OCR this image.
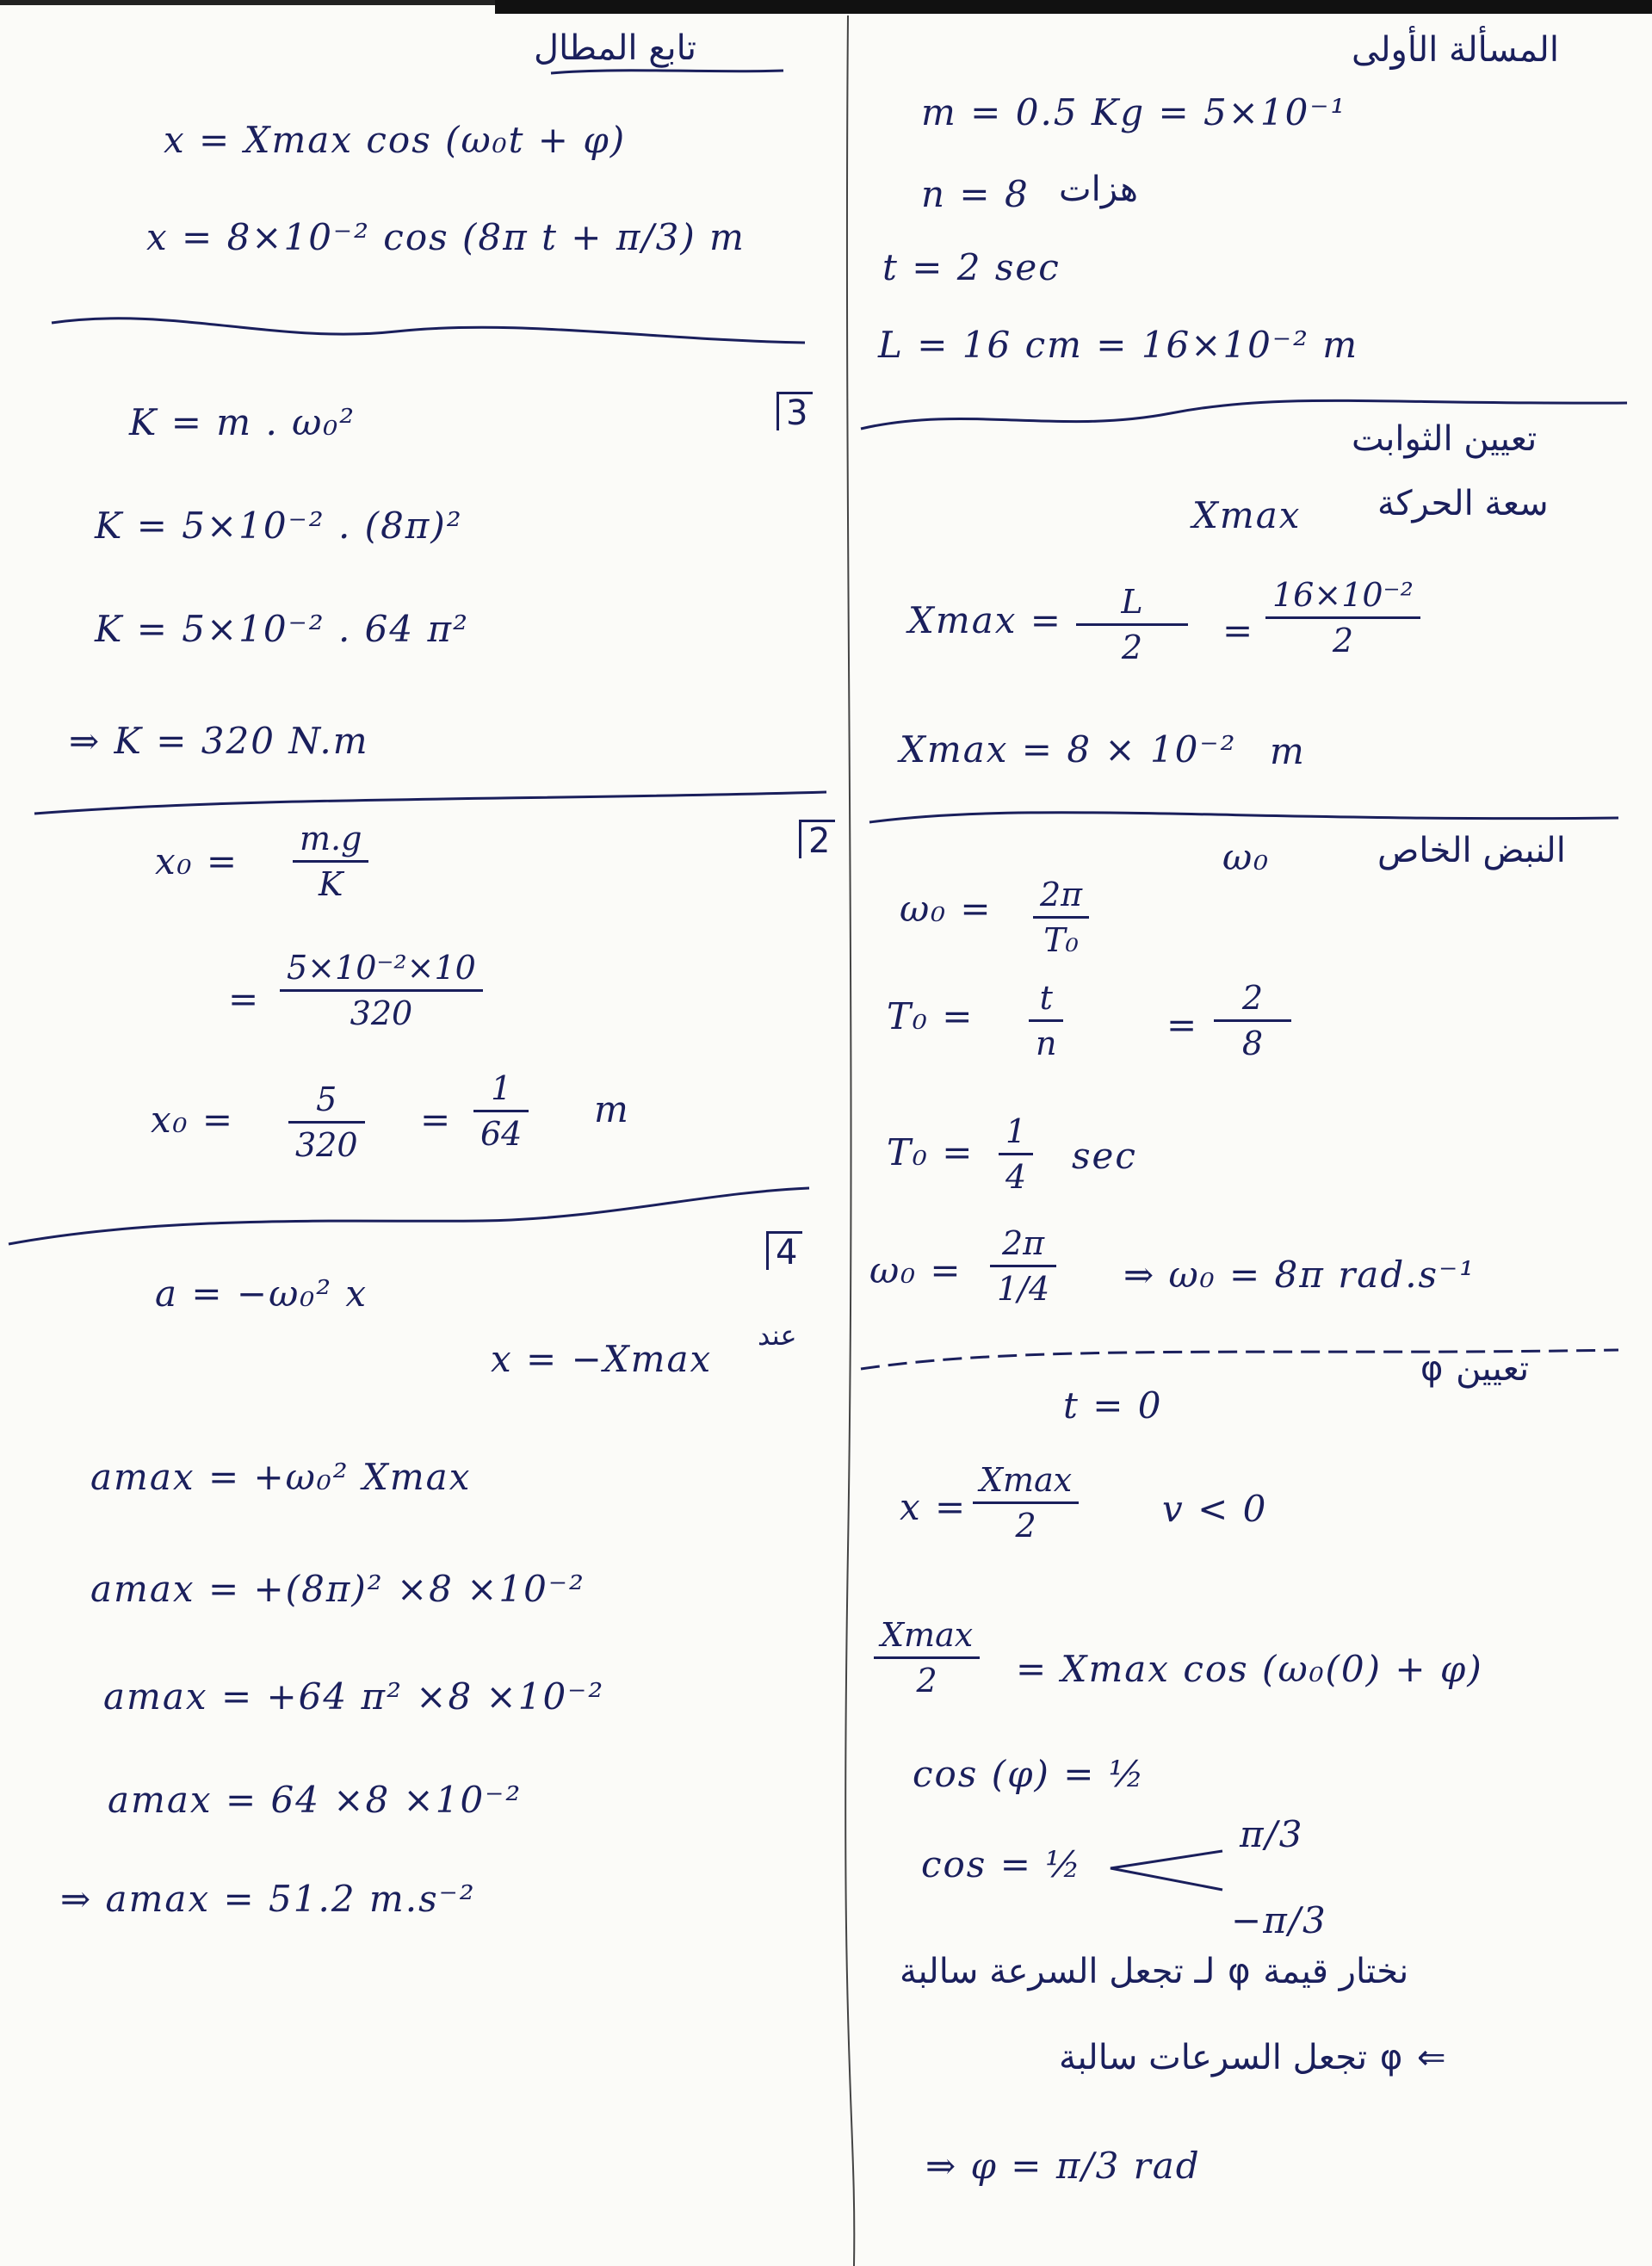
تابع المطال
x = Xmax cos (ω₀t + φ)
x = 8×10⁻² cos (8π t + π/3) m
3
K = m . ω₀²
K = 5×10⁻² . (8π)²
K = 5×10⁻² . 64 π²
⇒ K = 320 N.m
2
x₀ =
m.g
K
=
5×10⁻²×10
320
x₀ =	5
320
=
1
64
m
4
a = −ω₀² x
x = −Xmax
عند
amax = +ω₀² Xmax
amax = +(8π)² ×8 ×10⁻²
amax = +64 π² ×8 ×10⁻²
amax = 64 ×8 ×10⁻²
⇒ amax = 51.2 m.s⁻²
المسألة الأولى
m = 0.5 Kg = 5×10⁻¹
n = 8 هزات
t = 2 sec
L = 16 cm = 16×10⁻² m
تعيين الثوابت
سعة الحركة
Xmax
Xmax = L
2 =
16×10⁻²
2
Xmax = 8 × 10⁻² m
النبض الخاص
ω₀
ω₀ = 2π
T₀
T₀ = t
n	=
2
8
T₀ = 1
4 sec
ω₀ =
2π
1/4 ⇒ ω₀ = 8π rad.s⁻¹
تعيين φ
t = 0
x =
Xmax
2	v < 0
Xmax
2 = Xmax cos (ω₀(0) + φ)
cos (φ) = ½
cos = ½
π/3
−π/3
نختار قيمة φ لـ تجعل السرعة سالبة
⇐ φ تجعل السرعات سالبة
⇒ φ = π/3 rad
